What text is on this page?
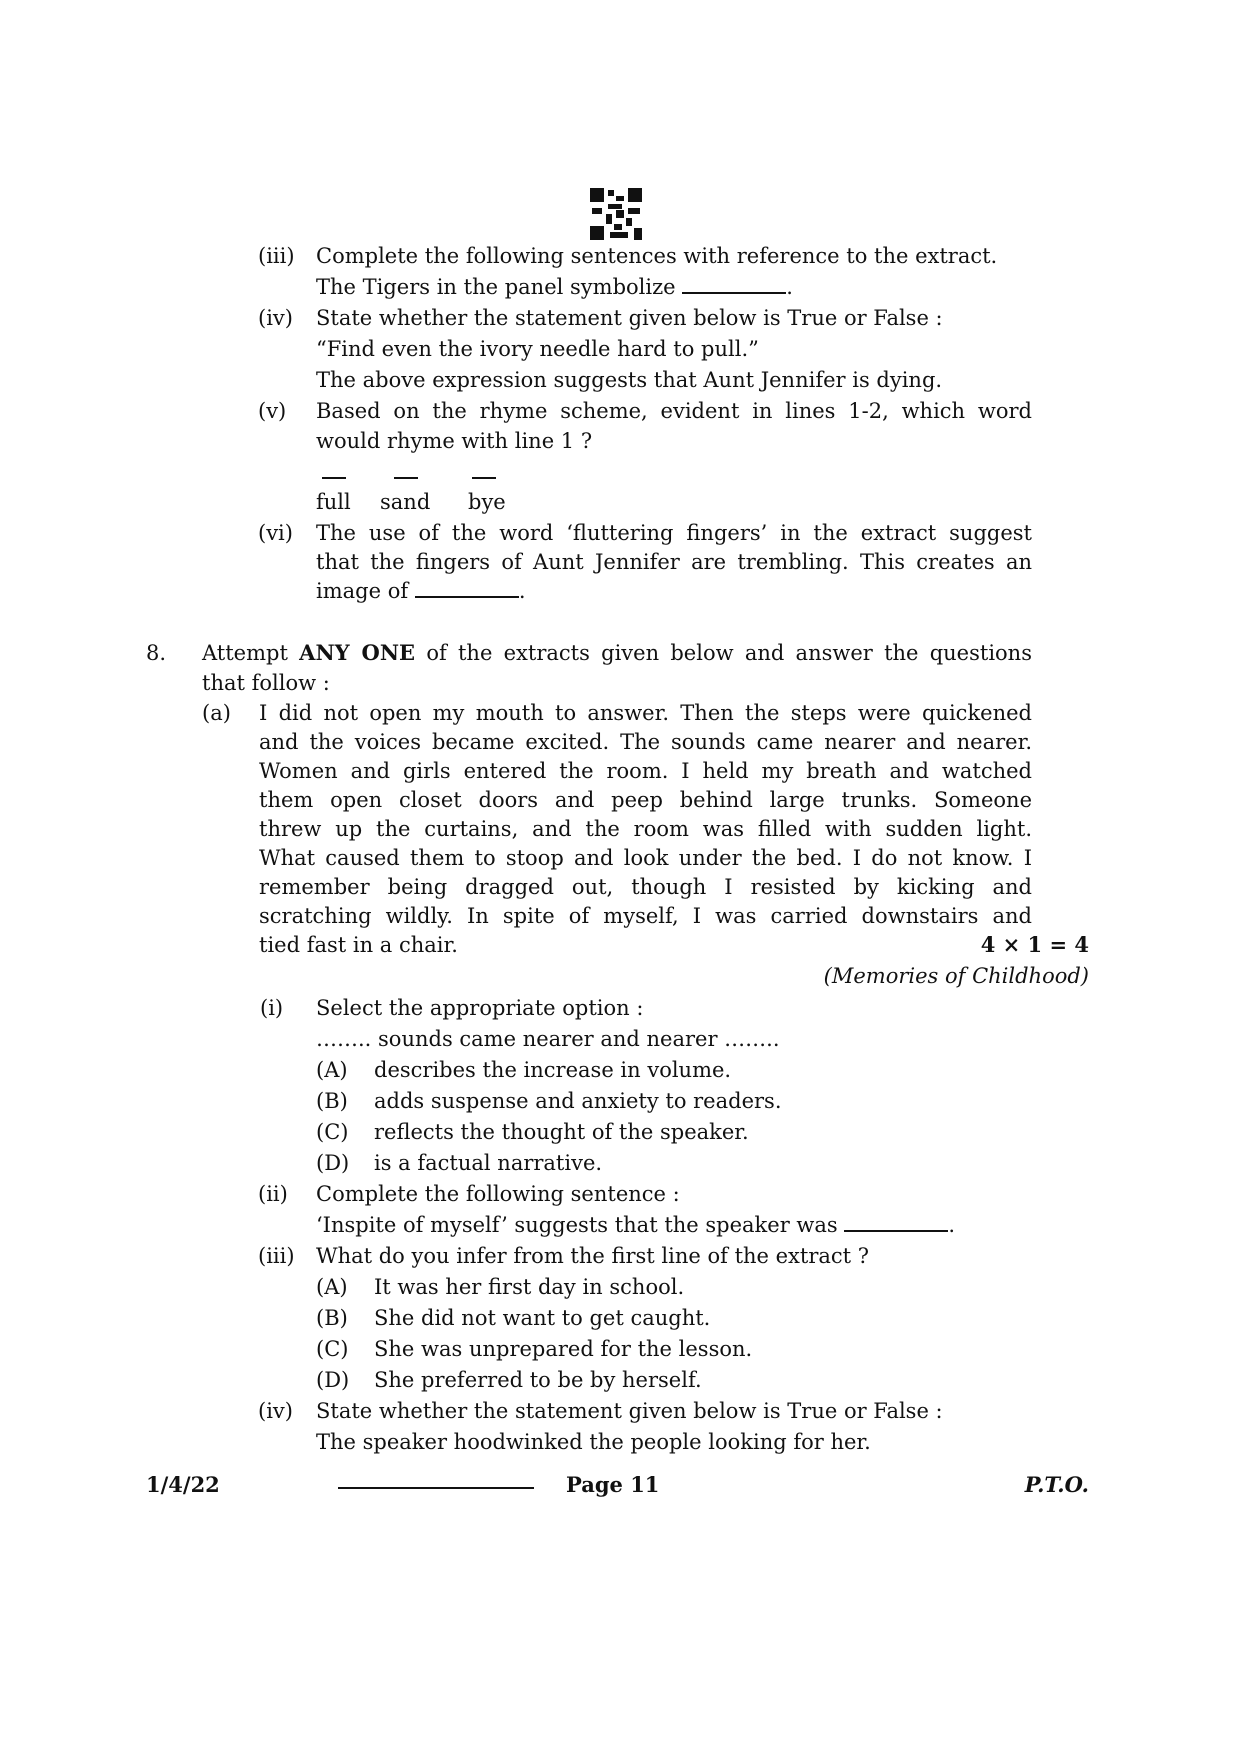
(iii) Complete the following sentences with reference to the extract.
The Tigers in the panel symbolize	.
(iv) State whether the statement given below is True or False :
“Find even the ivory needle hard to pull.”
The above expression suggests that Aunt Jennifer is dying.
(v) Based on the rhyme scheme, evident in lines 1-2, which word
would rhyme with line 1 ?
full sand bye
(vi) The use of the word ‘fluttering fingers’ in the extract suggest
that the fingers of Aunt Jennifer are trembling. This creates an
image of	.
8. Attempt ANY ONE of the extracts given below and answer the questions
that follow :
(a) I did not open my mouth to answer. Then the steps were quickened
and the voices became excited. The sounds came nearer and nearer.
Women and girls entered the room. I held my breath and watched
them open closet doors and peep behind large trunks. Someone
threw up the curtains, and the room was filled with sudden light.
What caused them to stoop and look under the bed. I do not know. I
remember being dragged out, though I resisted by kicking and
scratching wildly. In spite of myself, I was carried downstairs and
tied fast in a chair.	4 × 1 = 4
(Memories of Childhood)
(i) Select the appropriate option :
…….. sounds came nearer and nearer ……..
(A) describes the increase in volume.
(B) adds suspense and anxiety to readers.
(C) reflects the thought of the speaker.
(D) is a factual narrative.
(ii) Complete the following sentence :
‘Inspite of myself’ suggests that the speaker was	.
(iii) What do you infer from the first line of the extract ?
(A) It was her first day in school.
(B) She did not want to get caught.
(C) She was unprepared for the lesson.
(D) She preferred to be by herself.
(iv) State whether the statement given below is True or False :
The speaker hoodwinked the people looking for her.
1/4/22	Page 11	P.T.O.
